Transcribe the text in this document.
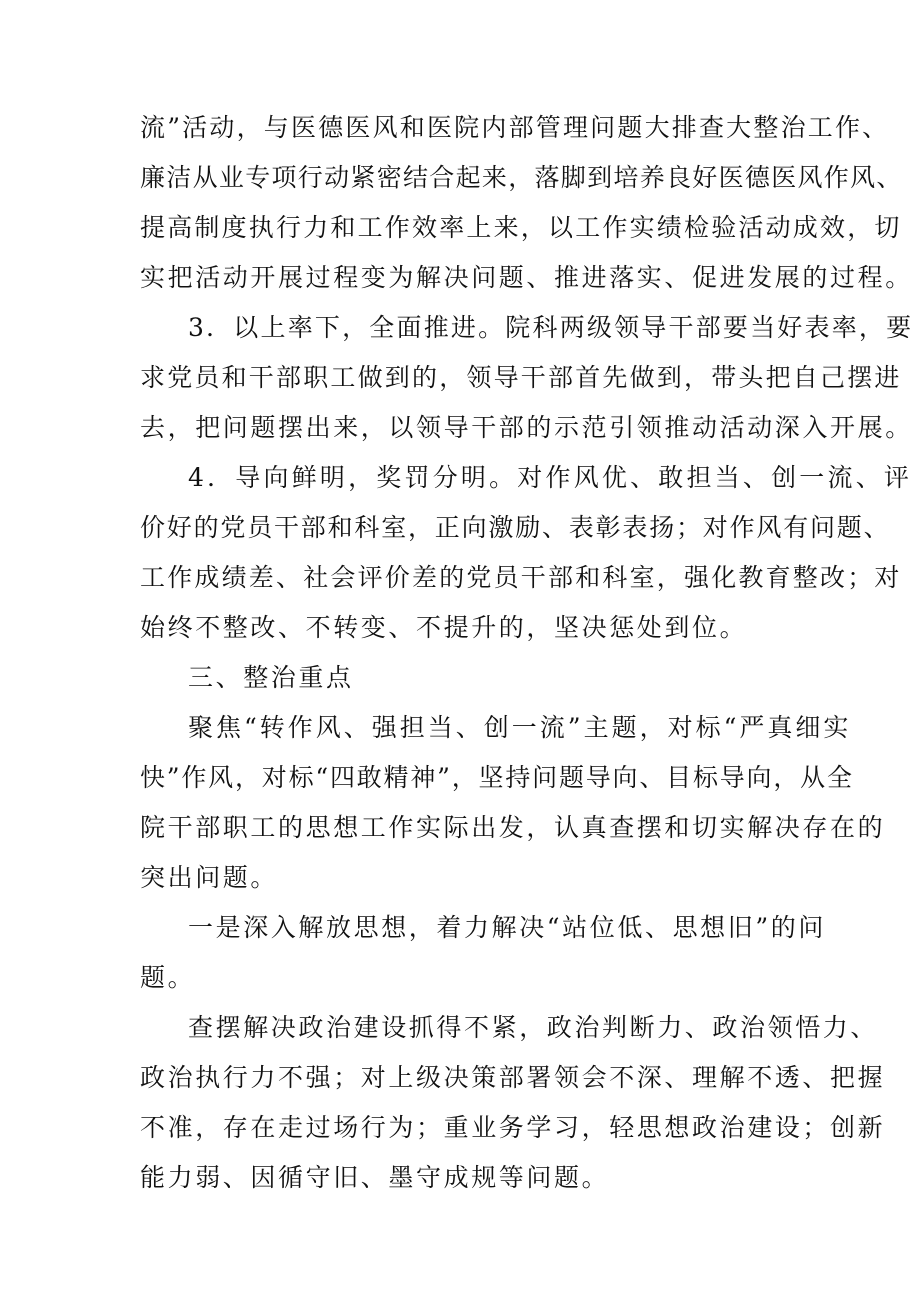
流”活动，与医德医风和医院内部管理问题大排查大整治工作、
廉洁从业专项行动紧密结合起来，落脚到培养良好医德医风作风、
提高制度执行力和工作效率上来，以工作实绩检验活动成效，切
实把活动开展过程变为解决问题、推进落实、促进发展的过程。
3．以上率下，全面推进。院科两级领导干部要当好表率，要
求党员和干部职工做到的，领导干部首先做到，带头把自己摆进
去，把问题摆出来，以领导干部的示范引领推动活动深入开展。
4．导向鲜明，奖罚分明。对作风优、敢担当、创一流、评
价好的党员干部和科室，正向激励、表彰表扬；对作风有问题、
工作成绩差、社会评价差的党员干部和科室，强化教育整改；对
始终不整改、不转变、不提升的，坚决惩处到位。
三、整治重点
聚焦“转作风、强担当、创一流”主题，对标“严真细实
快”作风，对标“四敢精神”，坚持问题导向、目标导向，从全
院干部职工的思想工作实际出发，认真查摆和切实解决存在的
突出问题。
一是深入解放思想，着力解决“站位低、思想旧”的问
题。
查摆解决政治建设抓得不紧，政治判断力、政治领悟力、
政治执行力不强；对上级决策部署领会不深、理解不透、把握
不准，存在走过场行为；重业务学习，轻思想政治建设；创新
能力弱、因循守旧、墨守成规等问题。
